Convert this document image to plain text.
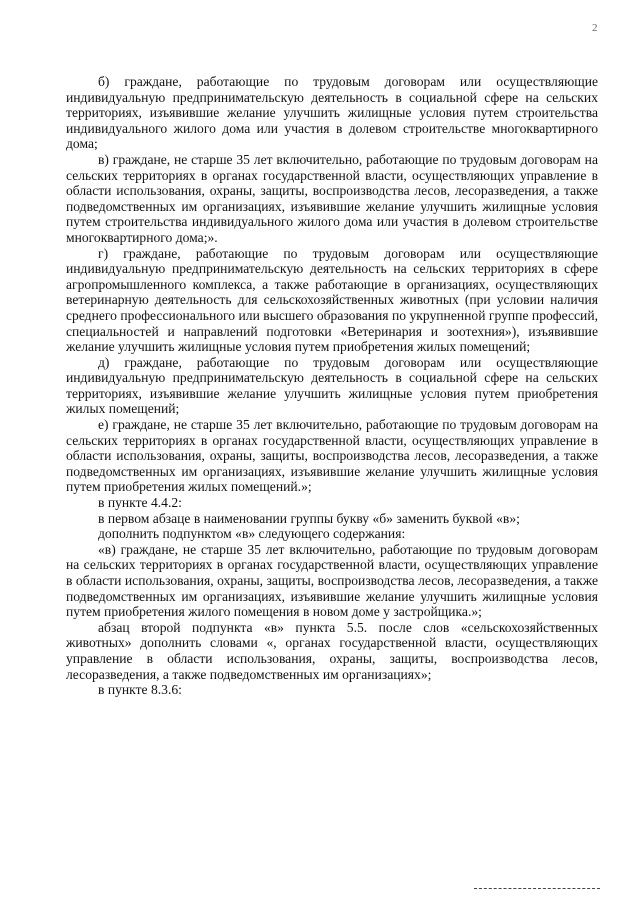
2

б) граждане, работающие по трудовым договорам или осуществляющие индивидуальную предпринимательскую деятельность в социальной сфере на сельских территориях, изъявившие желание улучшить жилищные условия путем строительства индивидуального жилого дома или участия в долевом строительстве многоквартирного дома;

в) граждане, не старше 35 лет включительно, работающие по трудовым договорам на сельских территориях в органах государственной власти, осуществляющих управление в области использования, охраны, защиты, воспроизводства лесов, лесоразведения, а также подведомственных им организациях, изъявившие желание улучшить жилищные условия путем строительства индивидуального жилого дома или участия в долевом строительстве многоквартирного дома;».

г) граждане, работающие по трудовым договорам или осуществляющие индивидуальную предпринимательскую деятельность на сельских территориях в сфере агропромышленного комплекса, а также работающие в организациях, осуществляющих ветеринарную деятельность для сельскохозяйственных животных (при условии наличия среднего профессионального или высшего образования по укрупненной группе профессий, специальностей и направлений подготовки «Ветеринария и зоотехния»), изъявившие желание улучшить жилищные условия путем приобретения жилых помещений;

д) граждане, работающие по трудовым договорам или осуществляющие индивидуальную предпринимательскую деятельность в социальной сфере на сельских территориях, изъявившие желание улучшить жилищные условия путем приобретения жилых помещений;

е) граждане, не старше 35 лет включительно, работающие по трудовым договорам на сельских территориях в органах государственной власти, осуществляющих управление в области использования, охраны, защиты, воспроизводства лесов, лесоразведения, а также подведомственных им организациях, изъявившие желание улучшить жилищные условия путем приобретения жилых помещений.»;

в пункте 4.4.2:

в первом абзаце в наименовании группы букву «б» заменить буквой «в»;

дополнить подпунктом «в» следующего содержания:

«в) граждане, не старше 35 лет включительно, работающие по трудовым договорам на сельских территориях в органах государственной власти, осуществляющих управление в области использования, охраны, защиты, воспроизводства лесов, лесоразведения, а также подведомственных им организациях, изъявившие желание улучшить жилищные условия путем приобретения жилого помещения в новом доме у застройщика.»;

абзац второй подпункта «в» пункта 5.5. после слов «сельскохозяйственных животных» дополнить словами «, органах государственной власти, осуществляющих управление в области использования, охраны, защиты, воспроизводства лесов, лесоразведения, а также подведомственных им организациях»;

в пункте 8.3.6:
